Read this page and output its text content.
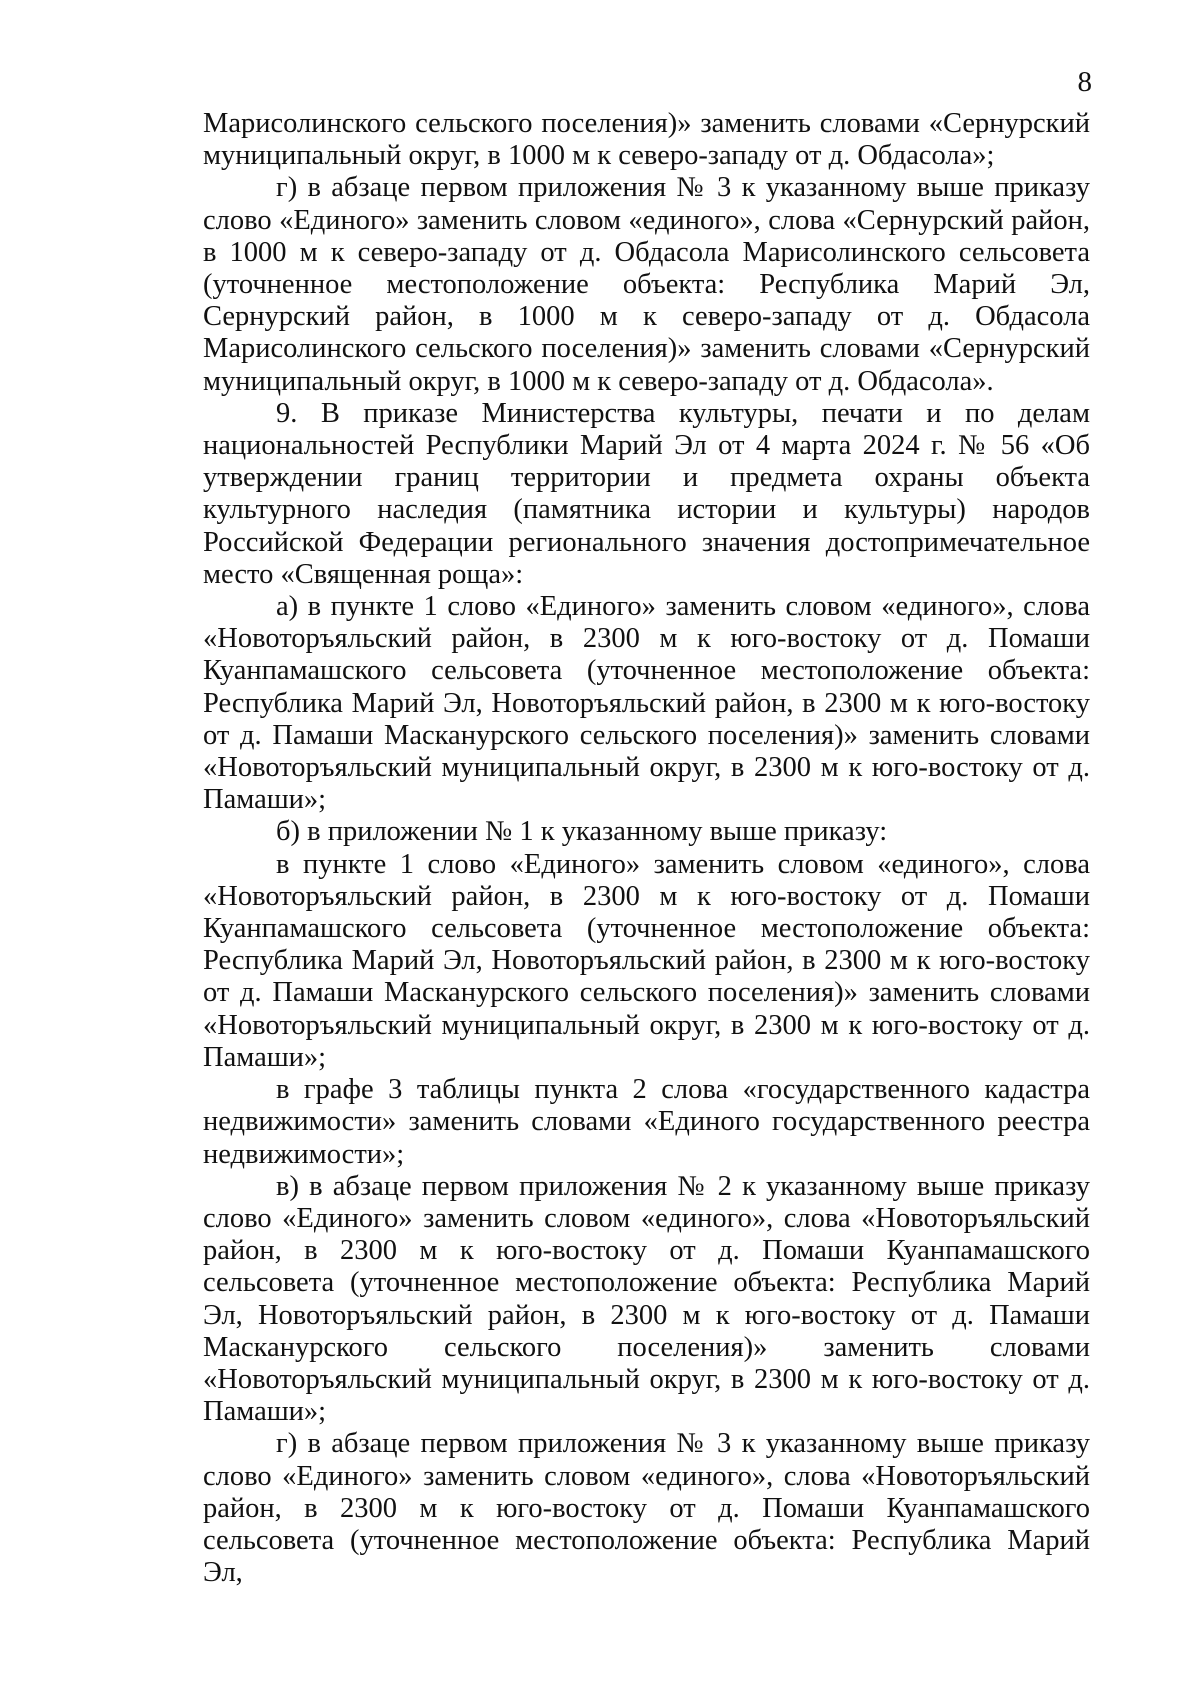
8

Марисолинского сельского поселения)» заменить словами «Сернурский муниципальный округ, в 1000 м к северо-западу от д. Обдасола»;

г) в абзаце первом приложения № 3 к указанному выше приказу слово «Единого» заменить словом «единого», слова «Сернурский район, в 1000 м к северо-западу от д. Обдасола Марисолинского сельсовета (уточненное местоположение объекта: Республика Марий Эл, Сернурский район, в 1000 м к северо-западу от д. Обдасола Марисолинского сельского поселения)» заменить словами «Сернурский муниципальный округ, в 1000 м к северо-западу от д. Обдасола».

9. В приказе Министерства культуры, печати и по делам национальностей Республики Марий Эл от 4 марта 2024 г. № 56 «Об утверждении границ территории и предмета охраны объекта культурного наследия (памятника истории и культуры) народов Российской Федерации регионального значения достопримечательное место «Священная роща»:

а) в пункте 1 слово «Единого» заменить словом «единого», слова «Новоторъяльский район, в 2300 м к юго-востоку от д. Помаши Куанпамашского сельсовета (уточненное местоположение объекта: Республика Марий Эл, Новоторъяльский район, в 2300 м к юго-востоку от д. Памаши Масканурского сельского поселения)» заменить словами «Новоторъяльский муниципальный округ, в 2300 м к юго-востоку от д. Памаши»;

б) в приложении № 1 к указанному выше приказу:

в пункте 1 слово «Единого» заменить словом «единого», слова «Новоторъяльский район, в 2300 м к юго-востоку от д. Помаши Куанпамашского сельсовета (уточненное местоположение объекта: Республика Марий Эл, Новоторъяльский район, в 2300 м к юго-востоку от д. Памаши Масканурского сельского поселения)» заменить словами «Новоторъяльский муниципальный округ, в 2300 м к юго-востоку от д. Памаши»;

в графе 3 таблицы пункта 2 слова «государственного кадастра недвижимости» заменить словами «Единого государственного реестра недвижимости»;

в) в абзаце первом приложения № 2 к указанному выше приказу слово «Единого» заменить словом «единого», слова «Новоторъяльский район, в 2300 м к юго-востоку от д. Помаши Куанпамашского сельсовета (уточненное местоположение объекта: Республика Марий Эл, Новоторъяльский район, в 2300 м к юго-востоку от д. Памаши Масканурского сельского поселения)» заменить словами «Новоторъяльский муниципальный округ, в 2300 м к юго-востоку от д. Памаши»;

г) в абзаце первом приложения № 3 к указанному выше приказу слово «Единого» заменить словом «единого», слова «Новоторъяльский район, в 2300 м к юго-востоку от д. Помаши Куанпамашского сельсовета (уточненное местоположение объекта: Республика Марий Эл,
